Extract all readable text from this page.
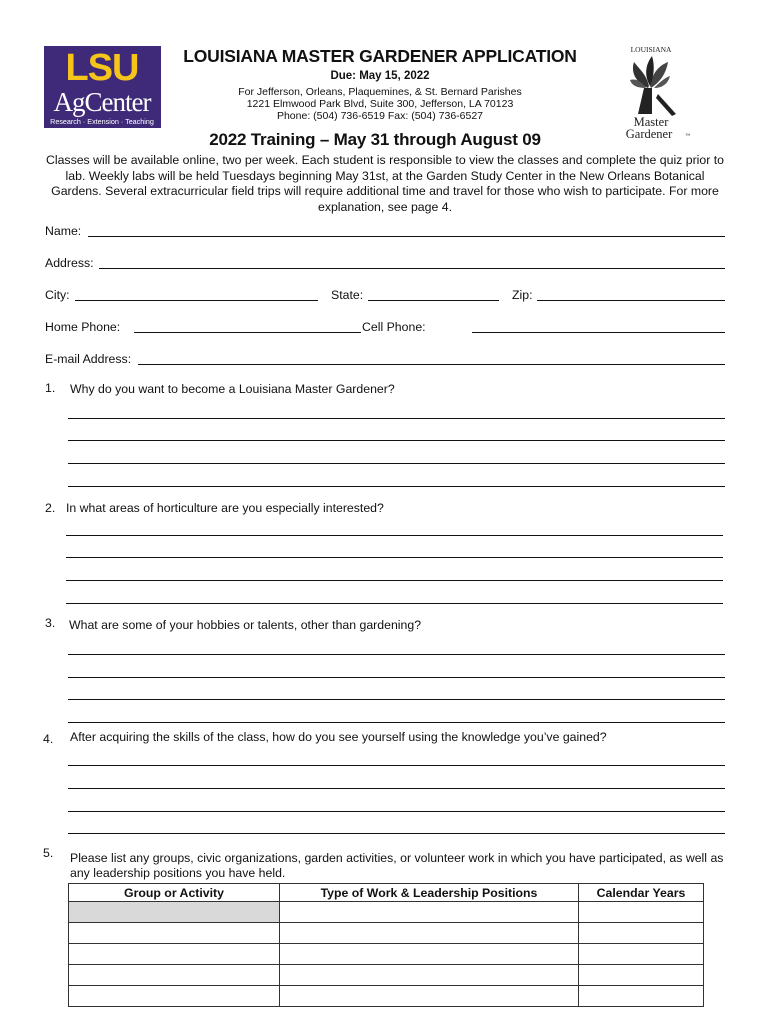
LSU
AgCenter
Research · Extension · Teaching
LOUISIANA
Master
Gardener	™
LOUISIANA MASTER GARDENER APPLICATION
Due: May 15, 2022
For Jefferson, Orleans, Plaquemines, & St. Bernard Parishes
1221 Elmwood Park Blvd, Suite 300, Jefferson, LA 70123
Phone: (504) 736-6519 Fax: (504) 736-6527
2022 Training – May 31 through August 09
Classes will be available online, two per week. Each student is responsible to view the classes and complete the quiz prior to lab. Weekly labs will be held Tuesdays beginning May 31st, at the Garden Study Center in the New Orleans Botanical Gardens. Several extracurricular field trips will require additional time and travel for those who wish to participate. For more explanation, see page 4.
Name:
Address:
City:	State:	Zip:
Home Phone:	Cell Phone:
E-mail Address:
1. Why do you want to become a Louisiana Master Gardener?
2. In what areas of horticulture are you especially interested?
3. What are some of your hobbies or talents, other than gardening?
4. After acquiring the skills of the class, how do you see yourself using the knowledge you’ve gained?
5. Please list any groups, civic organizations, garden activities, or volunteer work in which you have participated, as well as any leadership positions you have held.
Group or Activity	Type of Work & Leadership Positions	Calendar Years
